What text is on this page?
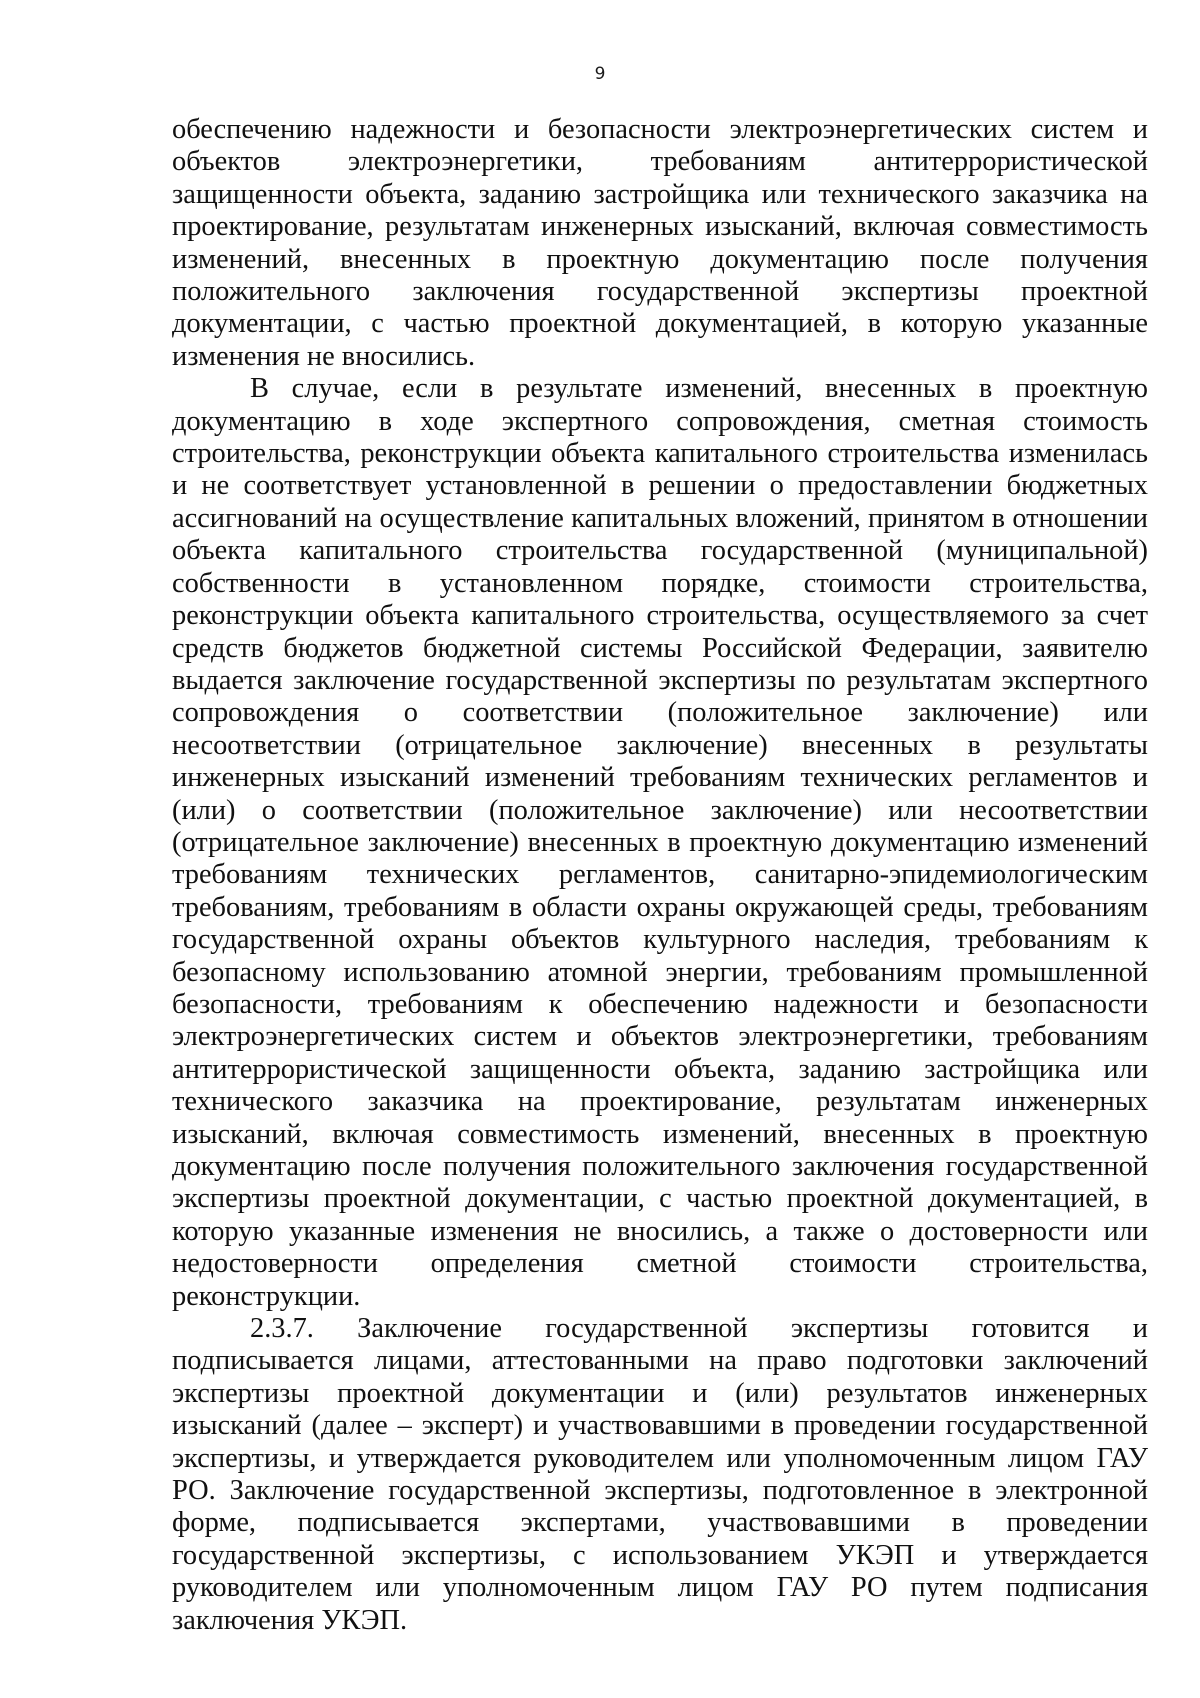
9

обеспечению надежности и безопасности электроэнергетических систем и объектов электроэнергетики, требованиям антитеррористической защищенности объекта, заданию застройщика или технического заказчика на проектирование, результатам инженерных изысканий, включая совместимость изменений, внесенных в проектную документацию после получения положительного заключения государственной экспертизы проектной документации, с частью проектной документацией, в которую указанные изменения не вносились.

В случае, если в результате изменений, внесенных в проектную документацию в ходе экспертного сопровождения, сметная стоимость строительства, реконструкции объекта капитального строительства изменилась и не соответствует установленной в решении о предоставлении бюджетных ассигнований на осуществление капитальных вложений, принятом в отношении объекта капитального строительства государственной (муниципальной) собственности в установленном порядке, стоимости строительства, реконструкции объекта капитального строительства, осуществляемого за счет средств бюджетов бюджетной системы Российской Федерации, заявителю выдается заключение государственной экспертизы по результатам экспертного сопровождения о соответствии (положительное заключение) или несоответствии (отрицательное заключение) внесенных в результаты инженерных изысканий изменений требованиям технических регламентов и (или) о соответствии (положительное заключение) или несоответствии (отрицательное заключение) внесенных в проектную документацию изменений требованиям технических регламентов, санитарно-эпидемиологическим требованиям, требованиям в области охраны окружающей среды, требованиям государственной охраны объектов культурного наследия, требованиям к безопасному использованию атомной энергии, требованиям промышленной безопасности, требованиям к обеспечению надежности и безопасности электроэнергетических систем и объектов электроэнергетики, требованиям антитеррористической защищенности объекта, заданию застройщика или технического заказчика на проектирование, результатам инженерных изысканий, включая совместимость изменений, внесенных в проектную документацию после получения положительного заключения государственной экспертизы проектной документации, с частью проектной документацией, в которую указанные изменения не вносились, а также о достоверности или недостоверности определения сметной стоимости строительства, реконструкции.

2.3.7. Заключение государственной экспертизы готовится и подписывается лицами, аттестованными на право подготовки заключений экспертизы проектной документации и (или) результатов инженерных изысканий (далее – эксперт) и участвовавшими в проведении государственной экспертизы, и утверждается руководителем или уполномоченным лицом ГАУ РО. Заключение государственной экспертизы, подготовленное в электронной форме, подписывается экспертами, участвовавшими в проведении государственной экспертизы, с использованием УКЭП и утверждается руководителем или уполномоченным лицом ГАУ РО путем подписания заключения УКЭП.
